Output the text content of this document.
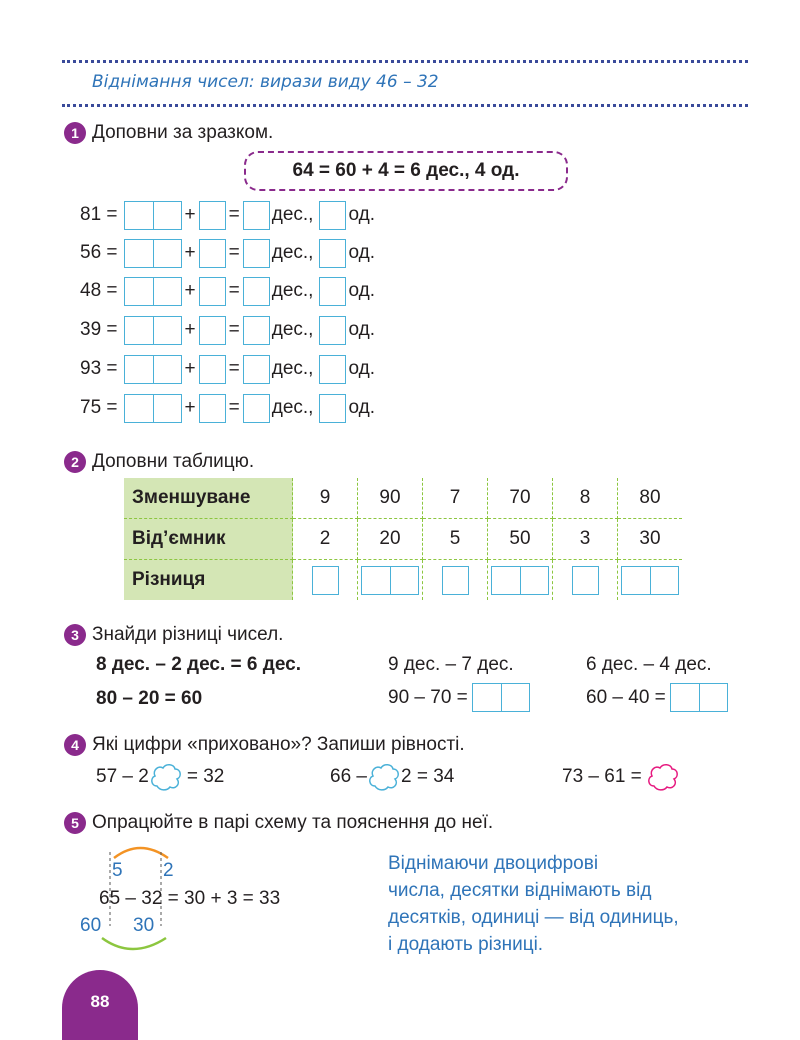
Віднімання чисел: вирази виду 46 – 32
1 Доповни за зразком.
64 = 60 + 4 = 6 дес., 4 од.
81 =	+ = дес., од.
56 =	+ = дес., од.
48 =	+ = дес., од.
39 =	+ = дес., од.
93 =	+ = дес., од.
75 =	+ = дес., од.
2 Доповни таблицю.
Зменшуване	9	90	7	70	8	80
Від’ємник	2	20	5	50	3	30
Різниця						
3 Знайди різниці чисел.
8 дес. – 2 дес. = 6 дес.	9 дес. – 7 дес.	6 дес. – 4 дес.
80 – 20 = 60	90 – 70 =	60 – 40 =
4 Які цифри «приховано»? Запиши рівності.
57 – 2 = 32	66 – 2 = 34	73 – 61 =
5 Опрацюйте в парі схему та пояснення до неї.
5 2
65 – 32 = 30 + 3 = 33
60 30
Віднімаючи двоцифрові
числа, десятки віднімають від
десятків, одиниці — від одиниць,
і додають різниці.
88
